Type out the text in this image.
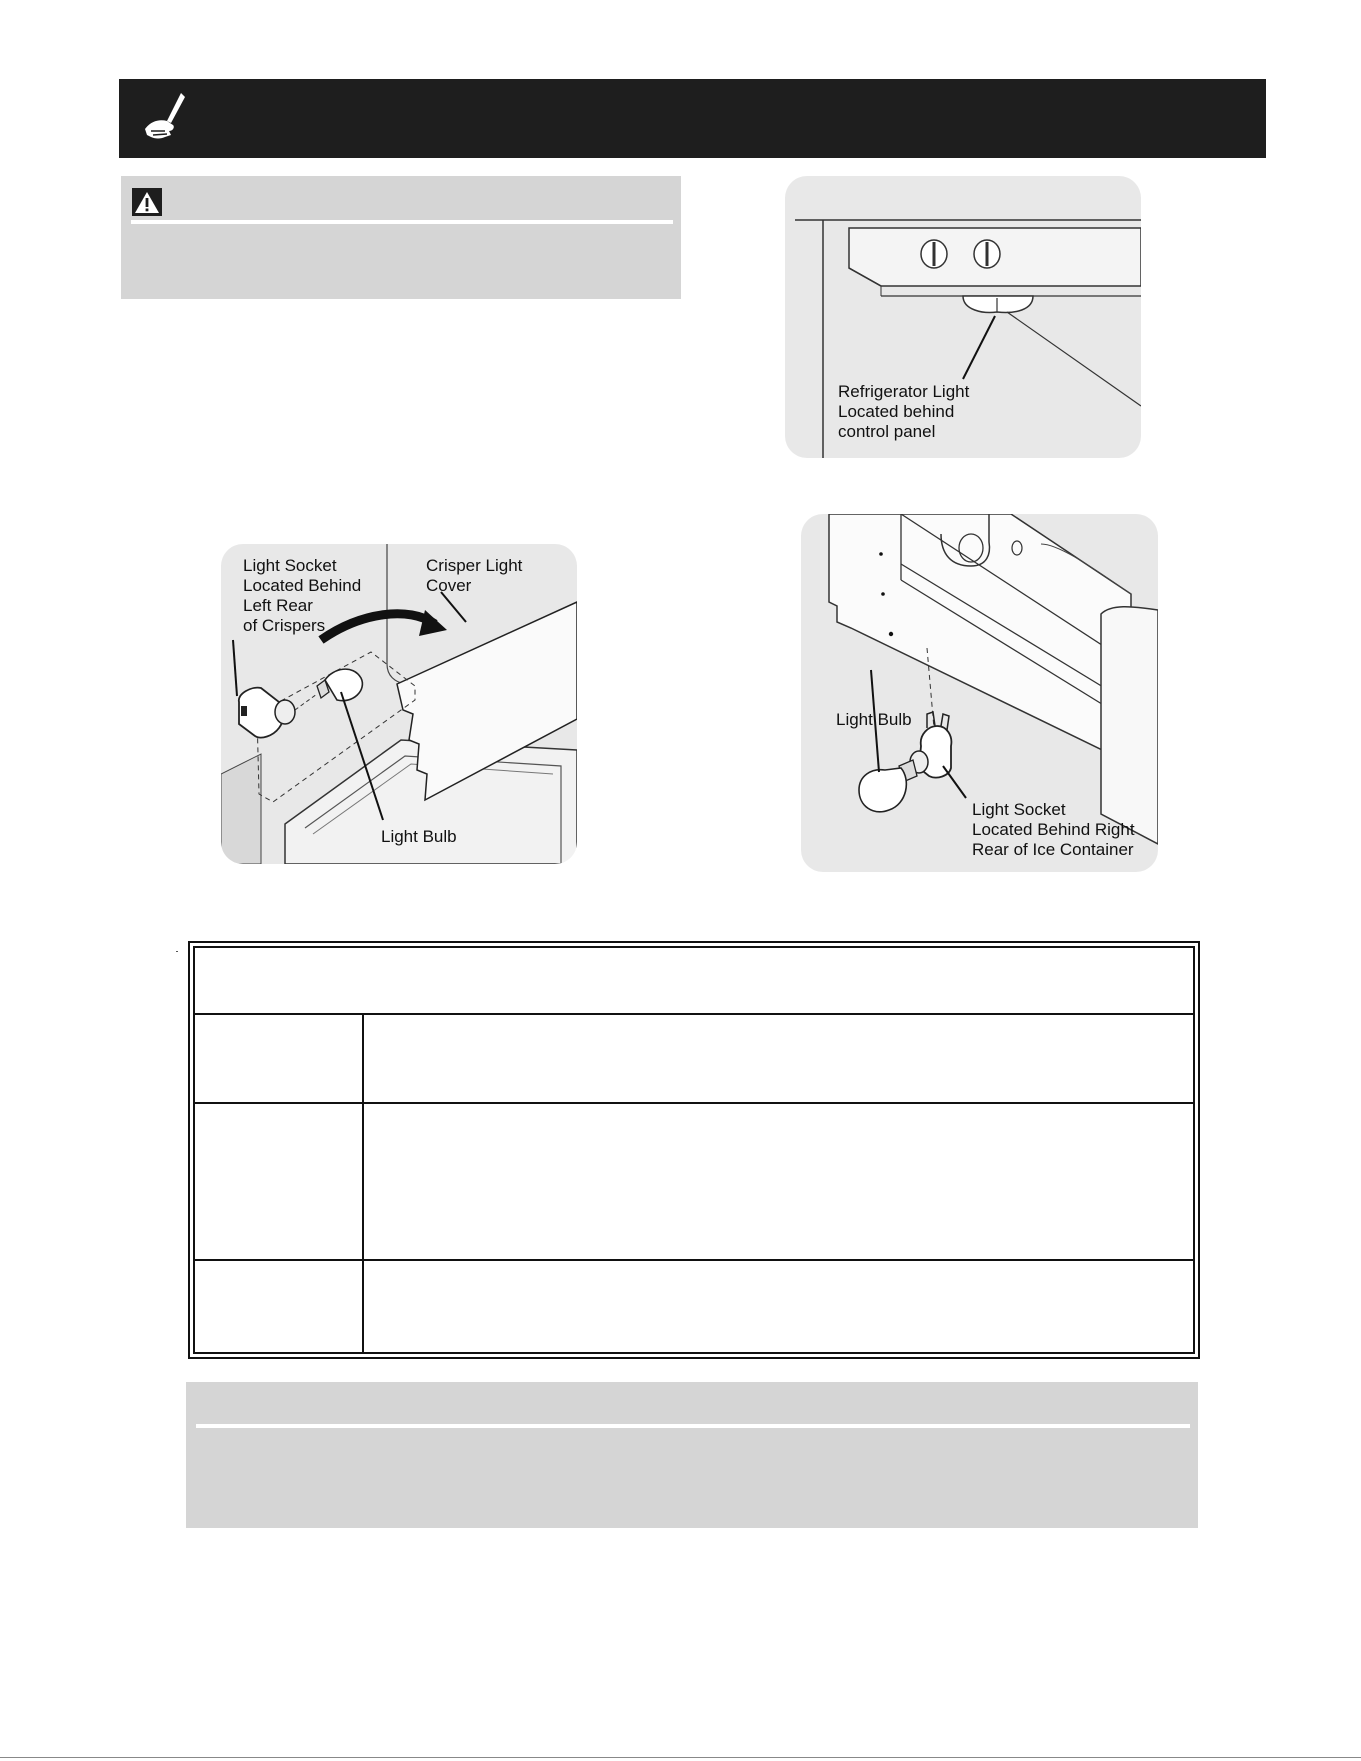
Refrigerator Light
Located behind
control panel
Light Socket
Located Behind
Left Rear
of Crispers
Crisper Light
Cover
Light Bulb
Light Bulb
Light Socket
Located Behind Right
Rear of Ice Container
